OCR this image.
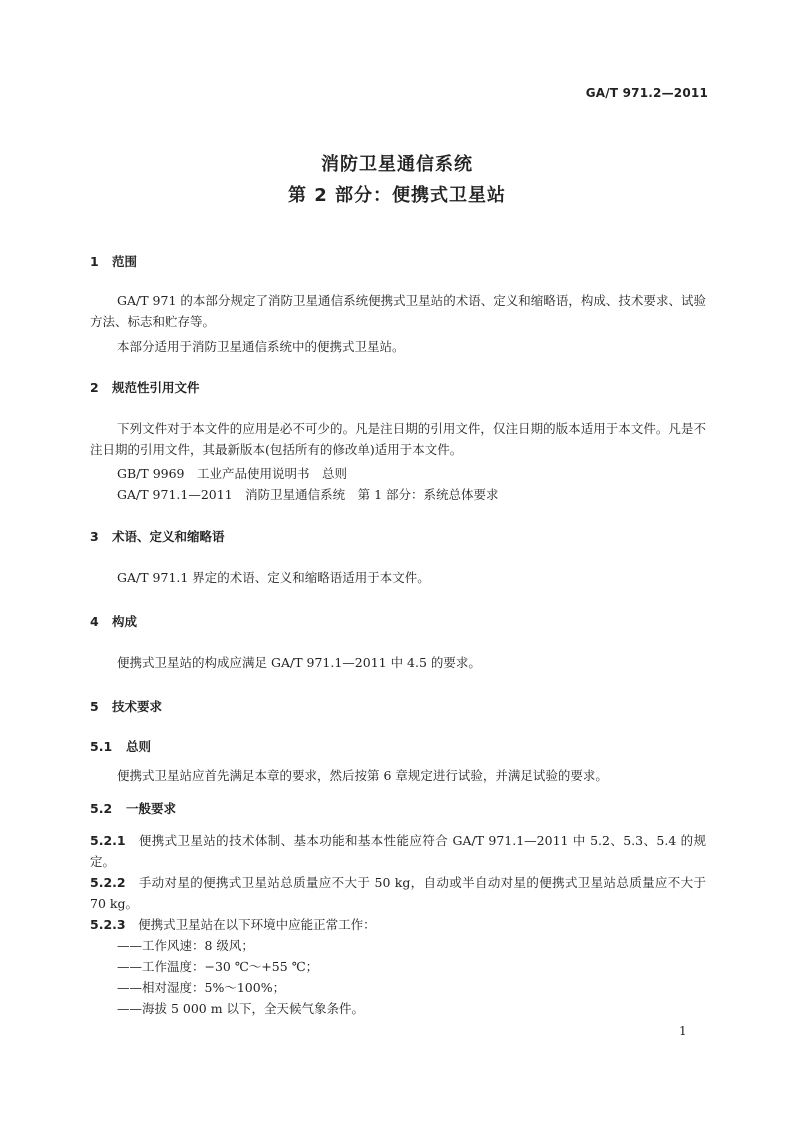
GA/T 971.2—2011
消防卫星通信系统
第 2 部分：便携式卫星站
1 范围
GA/T 971 的本部分规定了消防卫星通信系统便携式卫星站的术语、定义和缩略语，构成、技术要求、试验方法、标志和贮存等。
本部分适用于消防卫星通信系统中的便携式卫星站。
2 规范性引用文件
下列文件对于本文件的应用是必不可少的。凡是注日期的引用文件，仅注日期的版本适用于本文件。凡是不注日期的引用文件，其最新版本(包括所有的修改单)适用于本文件。
GB/T 9969　工业产品使用说明书　总则
GA/T 971.1—2011　消防卫星通信系统　第 1 部分：系统总体要求
3 术语、定义和缩略语
GA/T 971.1 界定的术语、定义和缩略语适用于本文件。
4 构成
便携式卫星站的构成应满足 GA/T 971.1—2011 中 4.5 的要求。
5 技术要求
5.1 总则
便携式卫星站应首先满足本章的要求，然后按第 6 章规定进行试验，并满足试验的要求。
5.2 一般要求
5.2.1　 便携式卫星站的技术体制、基本功能和基本性能应符合 GA/T 971.1—2011 中 5.2、5.3、5.4 的规定。
5.2.2　 手动对星的便携式卫星站总质量应不大于 50 kg，自动或半自动对星的便携式卫星站总质量应不大于 70 kg。
5.2.3　 便携式卫星站在以下环境中应能正常工作：
——工作风速：8 级风；
——工作温度：−30 ℃～+55 ℃；
——相对湿度：5%～100%；
——海拔 5 000 m 以下，全天候气象条件。
1
